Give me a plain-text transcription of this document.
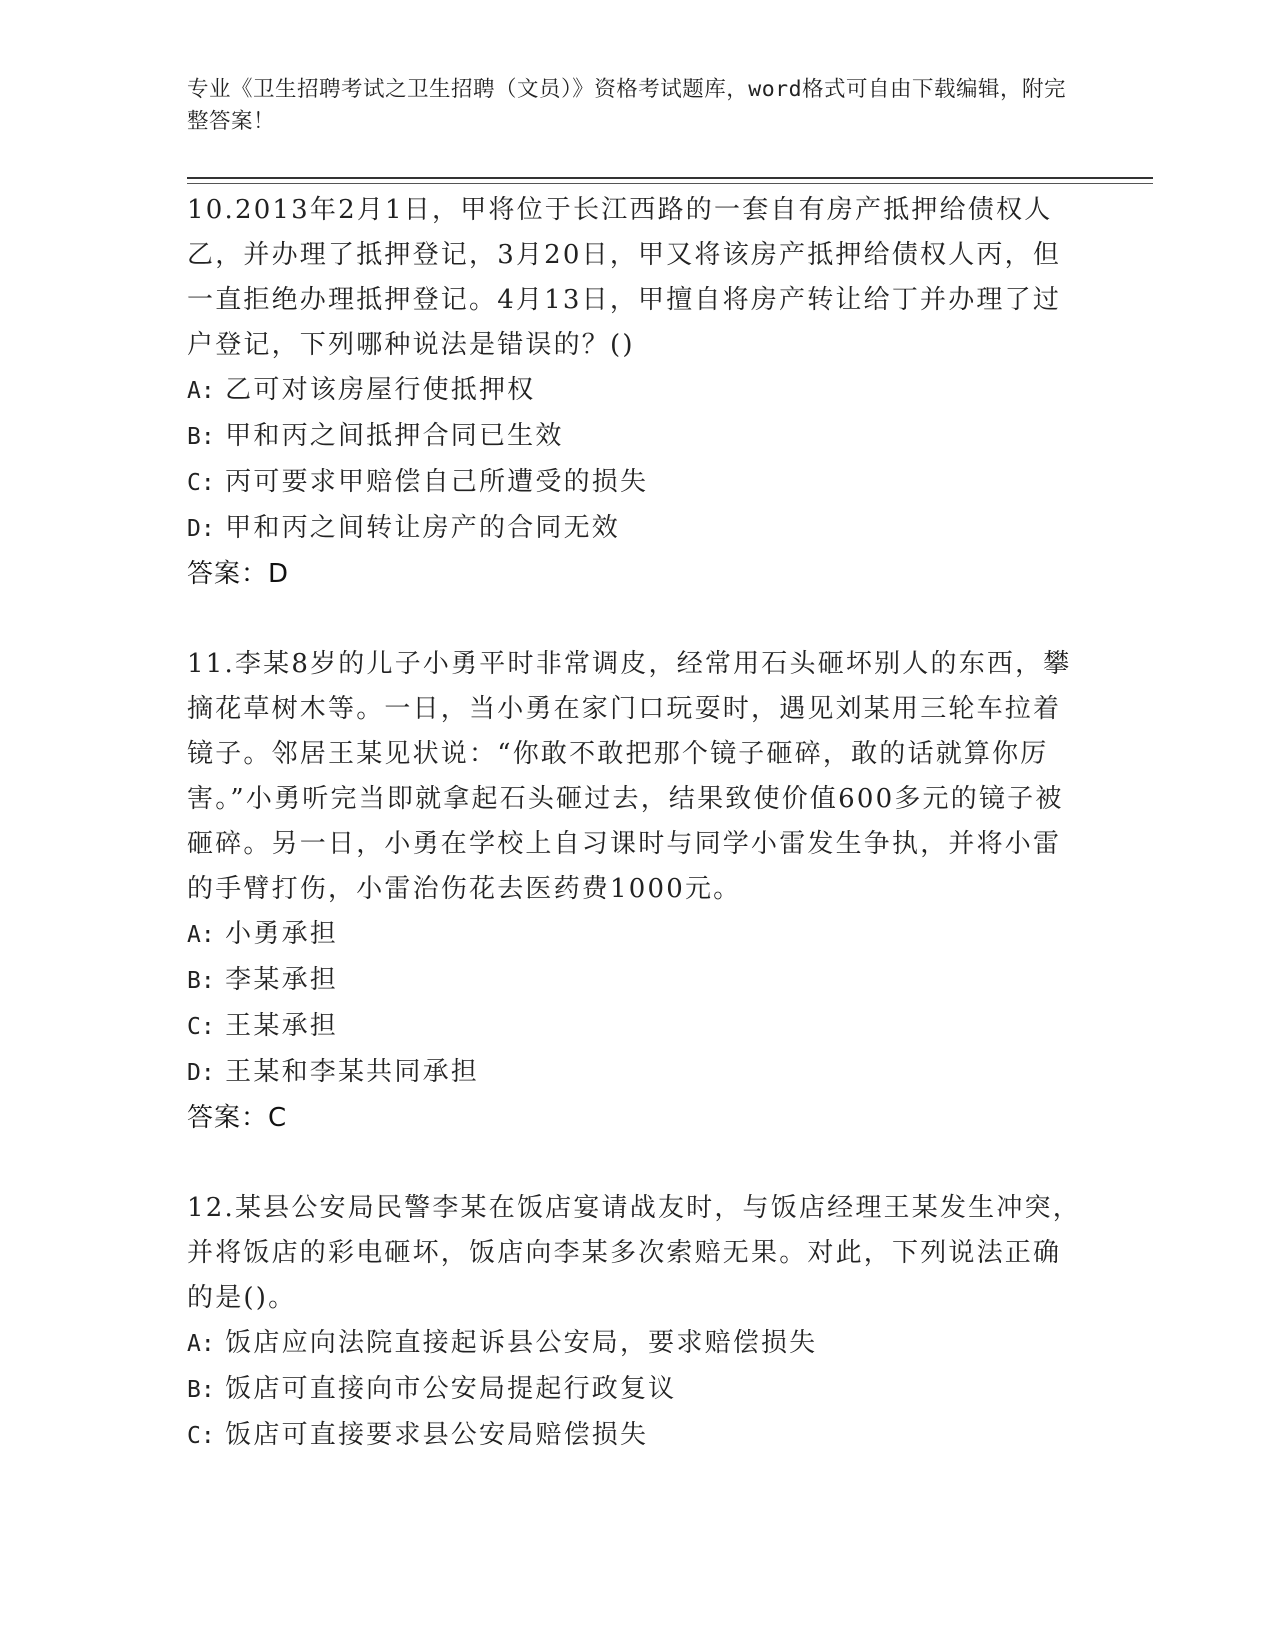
专业《卫生招聘考试之卫生招聘（文员）》资格考试题库，word格式可自由下载编辑，附完整答案！

10.2013年2月1日，甲将位于长江西路的一套自有房产抵押给债权人乙，并办理了抵押登记，3月20日，甲又将该房产抵押给债权人丙，但一直拒绝办理抵押登记。4月13日，甲擅自将房产转让给丁并办理了过户登记，下列哪种说法是错误的？()

A: 乙可对该房屋行使抵押权

B: 甲和丙之间抵押合同已生效

C: 丙可要求甲赔偿自己所遭受的损失

D: 甲和丙之间转让房产的合同无效

答案：D

11.李某8岁的儿子小勇平时非常调皮，经常用石头砸坏别人的东西，攀摘花草树木等。一日，当小勇在家门口玩耍时，遇见刘某用三轮车拉着镜子。邻居王某见状说：“你敢不敢把那个镜子砸碎，敢的话就算你厉害。”小勇听完当即就拿起石头砸过去，结果致使价值600多元的镜子被砸碎。另一日，小勇在学校上自习课时与同学小雷发生争执，并将小雷的手臂打伤，小雷治伤花去医药费1000元。

A: 小勇承担

B: 李某承担

C: 王某承担

D: 王某和李某共同承担

答案：C

12.某县公安局民警李某在饭店宴请战友时，与饭店经理王某发生冲突，并将饭店的彩电砸坏，饭店向李某多次索赔无果。对此，下列说法正确的是()。

A: 饭店应向法院直接起诉县公安局，要求赔偿损失

B: 饭店可直接向市公安局提起行政复议

C: 饭店可直接要求县公安局赔偿损失
